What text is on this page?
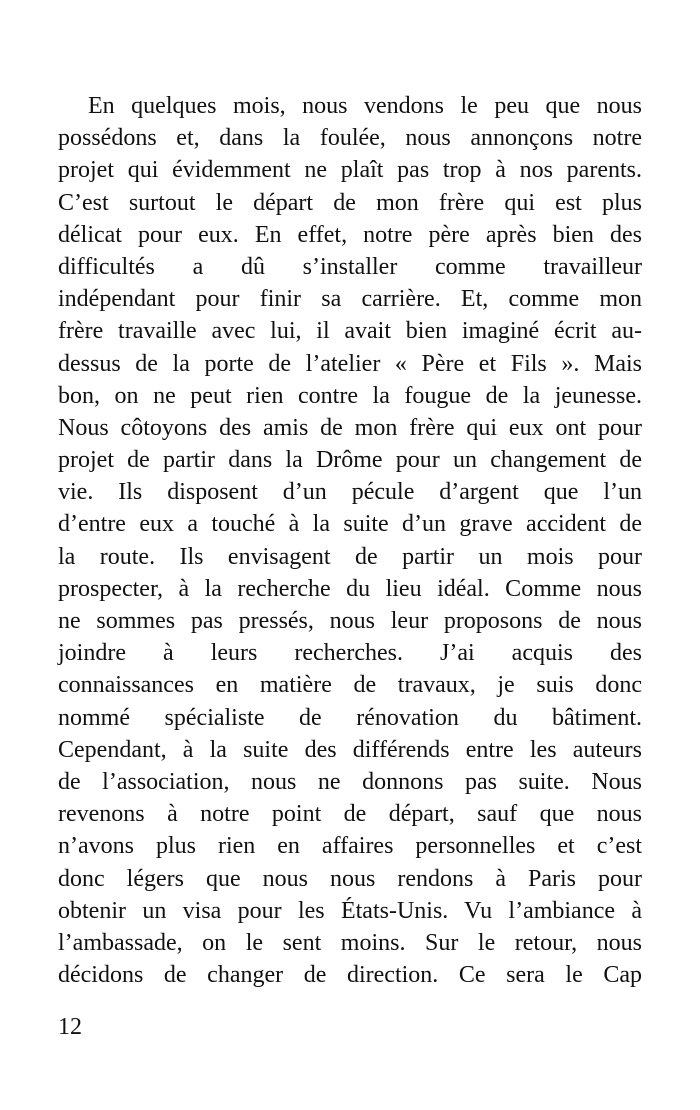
En quelques mois, nous vendons le peu que nous
possédons et, dans la foulée, nous annonçons notre
projet qui évidemment ne plaît pas trop à nos parents.
C’est surtout le départ de mon frère qui est plus
délicat pour eux. En effet, notre père après bien des
difficultés a dû s’installer comme travailleur
indépendant pour finir sa carrière. Et, comme mon
frère travaille avec lui, il avait bien imaginé écrit au-
dessus de la porte de l’atelier « Père et Fils ». Mais
bon, on ne peut rien contre la fougue de la jeunesse.
Nous côtoyons des amis de mon frère qui eux ont pour
projet de partir dans la Drôme pour un changement de
vie. Ils disposent d’un pécule d’argent que l’un
d’entre eux a touché à la suite d’un grave accident de
la route. Ils envisagent de partir un mois pour
prospecter, à la recherche du lieu idéal. Comme nous
ne sommes pas pressés, nous leur proposons de nous
joindre à leurs recherches. J’ai acquis des
connaissances en matière de travaux, je suis donc
nommé spécialiste de rénovation du bâtiment.
Cependant, à la suite des différends entre les auteurs
de l’association, nous ne donnons pas suite. Nous
revenons à notre point de départ, sauf que nous
n’avons plus rien en affaires personnelles et c’est
donc légers que nous nous rendons à Paris pour
obtenir un visa pour les États-Unis. Vu l’ambiance à
l’ambassade, on le sent moins. Sur le retour, nous
décidons de changer de direction. Ce sera le Cap

12
